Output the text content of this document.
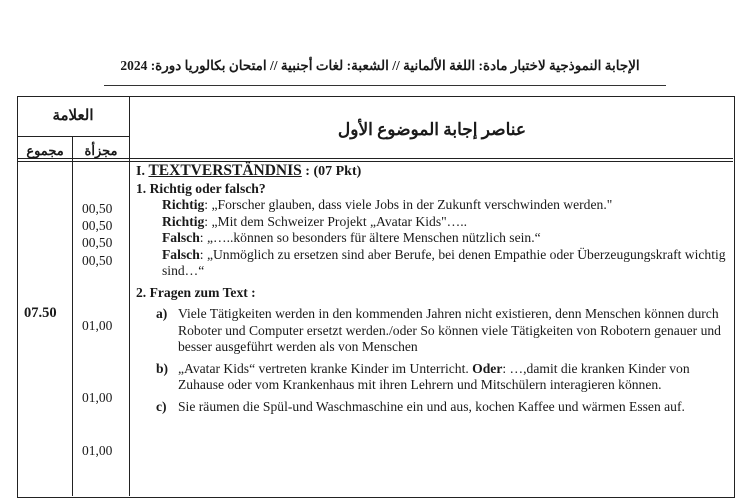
الإجابة النموذجية لاختبار مادة: اللغة الألمانية // الشعبة: لغات أجنبية // امتحان بكالوريا دورة: 2024
العلامة
مجزأة
مجموع
عناصر إجابة الموضوع الأول
07.50
00,50
00,50
00,50
00,50
01,00
01,00
01,00
I. TEXTVERSTÄNDNIS : (07 Pkt)
1. Richtig oder falsch?
Richtig: „Forscher glauben, dass viele Jobs in der Zukunft verschwinden werden."
Richtig: „Mit dem Schweizer Projekt „Avatar Kids"…..
Falsch: „…..können so besonders für ältere Menschen nützlich sein.“
Falsch: „Unmöglich zu ersetzen sind aber Berufe, bei denen Empathie oder Überzeugungskraft wichtig sind…“
2. Fragen zum Text :
a) Viele Tätigkeiten werden in den kommenden Jahren nicht existieren, denn Menschen können durch Roboter und Computer ersetzt werden./oder So können viele Tätigkeiten von Robotern genauer und besser ausgeführt werden als von Menschen
b) „Avatar Kids“ vertreten kranke Kinder im Unterricht. Oder: …,damit die kranken Kinder von Zuhause oder vom Krankenhaus mit ihren Lehrern und Mitschülern interagieren können.
c) Sie räumen die Spül-und Waschmaschine ein und aus, kochen Kaffee und wärmen Essen auf.
